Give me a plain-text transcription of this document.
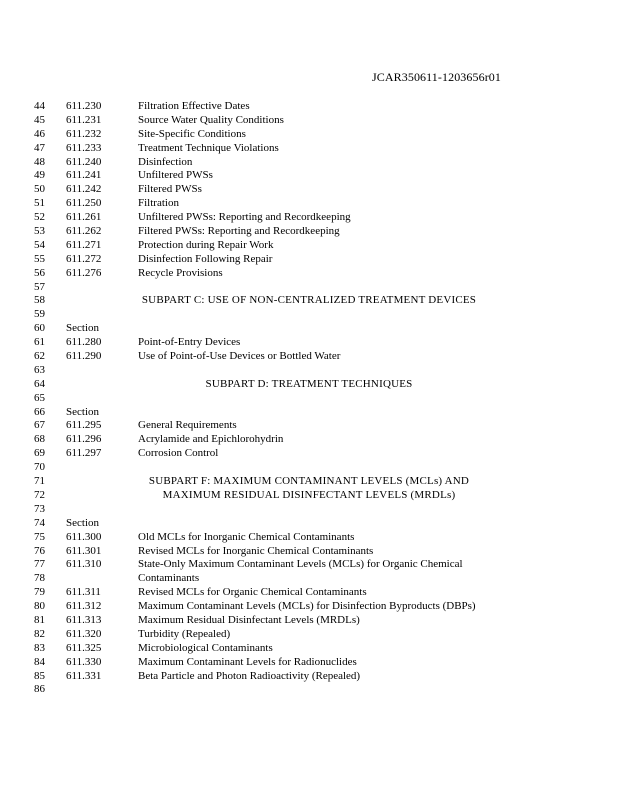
JCAR350611-1203656r01
44 611.230	Filtration Effective Dates
45 611.231	Source Water Quality Conditions
46 611.232	Site-Specific Conditions
47 611.233	Treatment Technique Violations
48 611.240	Disinfection
49 611.241	Unfiltered PWSs
50 611.242	Filtered PWSs
51 611.250	Filtration
52 611.261	Unfiltered PWSs: Reporting and Recordkeeping
53 611.262	Filtered PWSs: Reporting and Recordkeeping
54 611.271	Protection during Repair Work
55 611.272	Disinfection Following Repair
56 611.276	Recycle Provisions
57
58	SUBPART C: USE OF NON-CENTRALIZED TREATMENT DEVICES
59
60 Section
61 611.280	Point-of-Entry Devices
62 611.290	Use of Point-of-Use Devices or Bottled Water
63
64	SUBPART D: TREATMENT TECHNIQUES
65
66 Section
67 611.295	General Requirements
68 611.296	Acrylamide and Epichlorohydrin
69 611.297	Corrosion Control
70
71	SUBPART F: MAXIMUM CONTAMINANT LEVELS (MCLs) AND
72	MAXIMUM RESIDUAL DISINFECTANT LEVELS (MRDLs)
73
74 Section
75 611.300	Old MCLs for Inorganic Chemical Contaminants
76 611.301	Revised MCLs for Inorganic Chemical Contaminants
77 611.310	State-Only Maximum Contaminant Levels (MCLs) for Organic Chemical
78	Contaminants
79 611.311	Revised MCLs for Organic Chemical Contaminants
80 611.312	Maximum Contaminant Levels (MCLs) for Disinfection Byproducts (DBPs)
81 611.313	Maximum Residual Disinfectant Levels (MRDLs)
82 611.320	Turbidity (Repealed)
83 611.325	Microbiological Contaminants
84 611.330	Maximum Contaminant Levels for Radionuclides
85 611.331	Beta Particle and Photon Radioactivity (Repealed)
86
